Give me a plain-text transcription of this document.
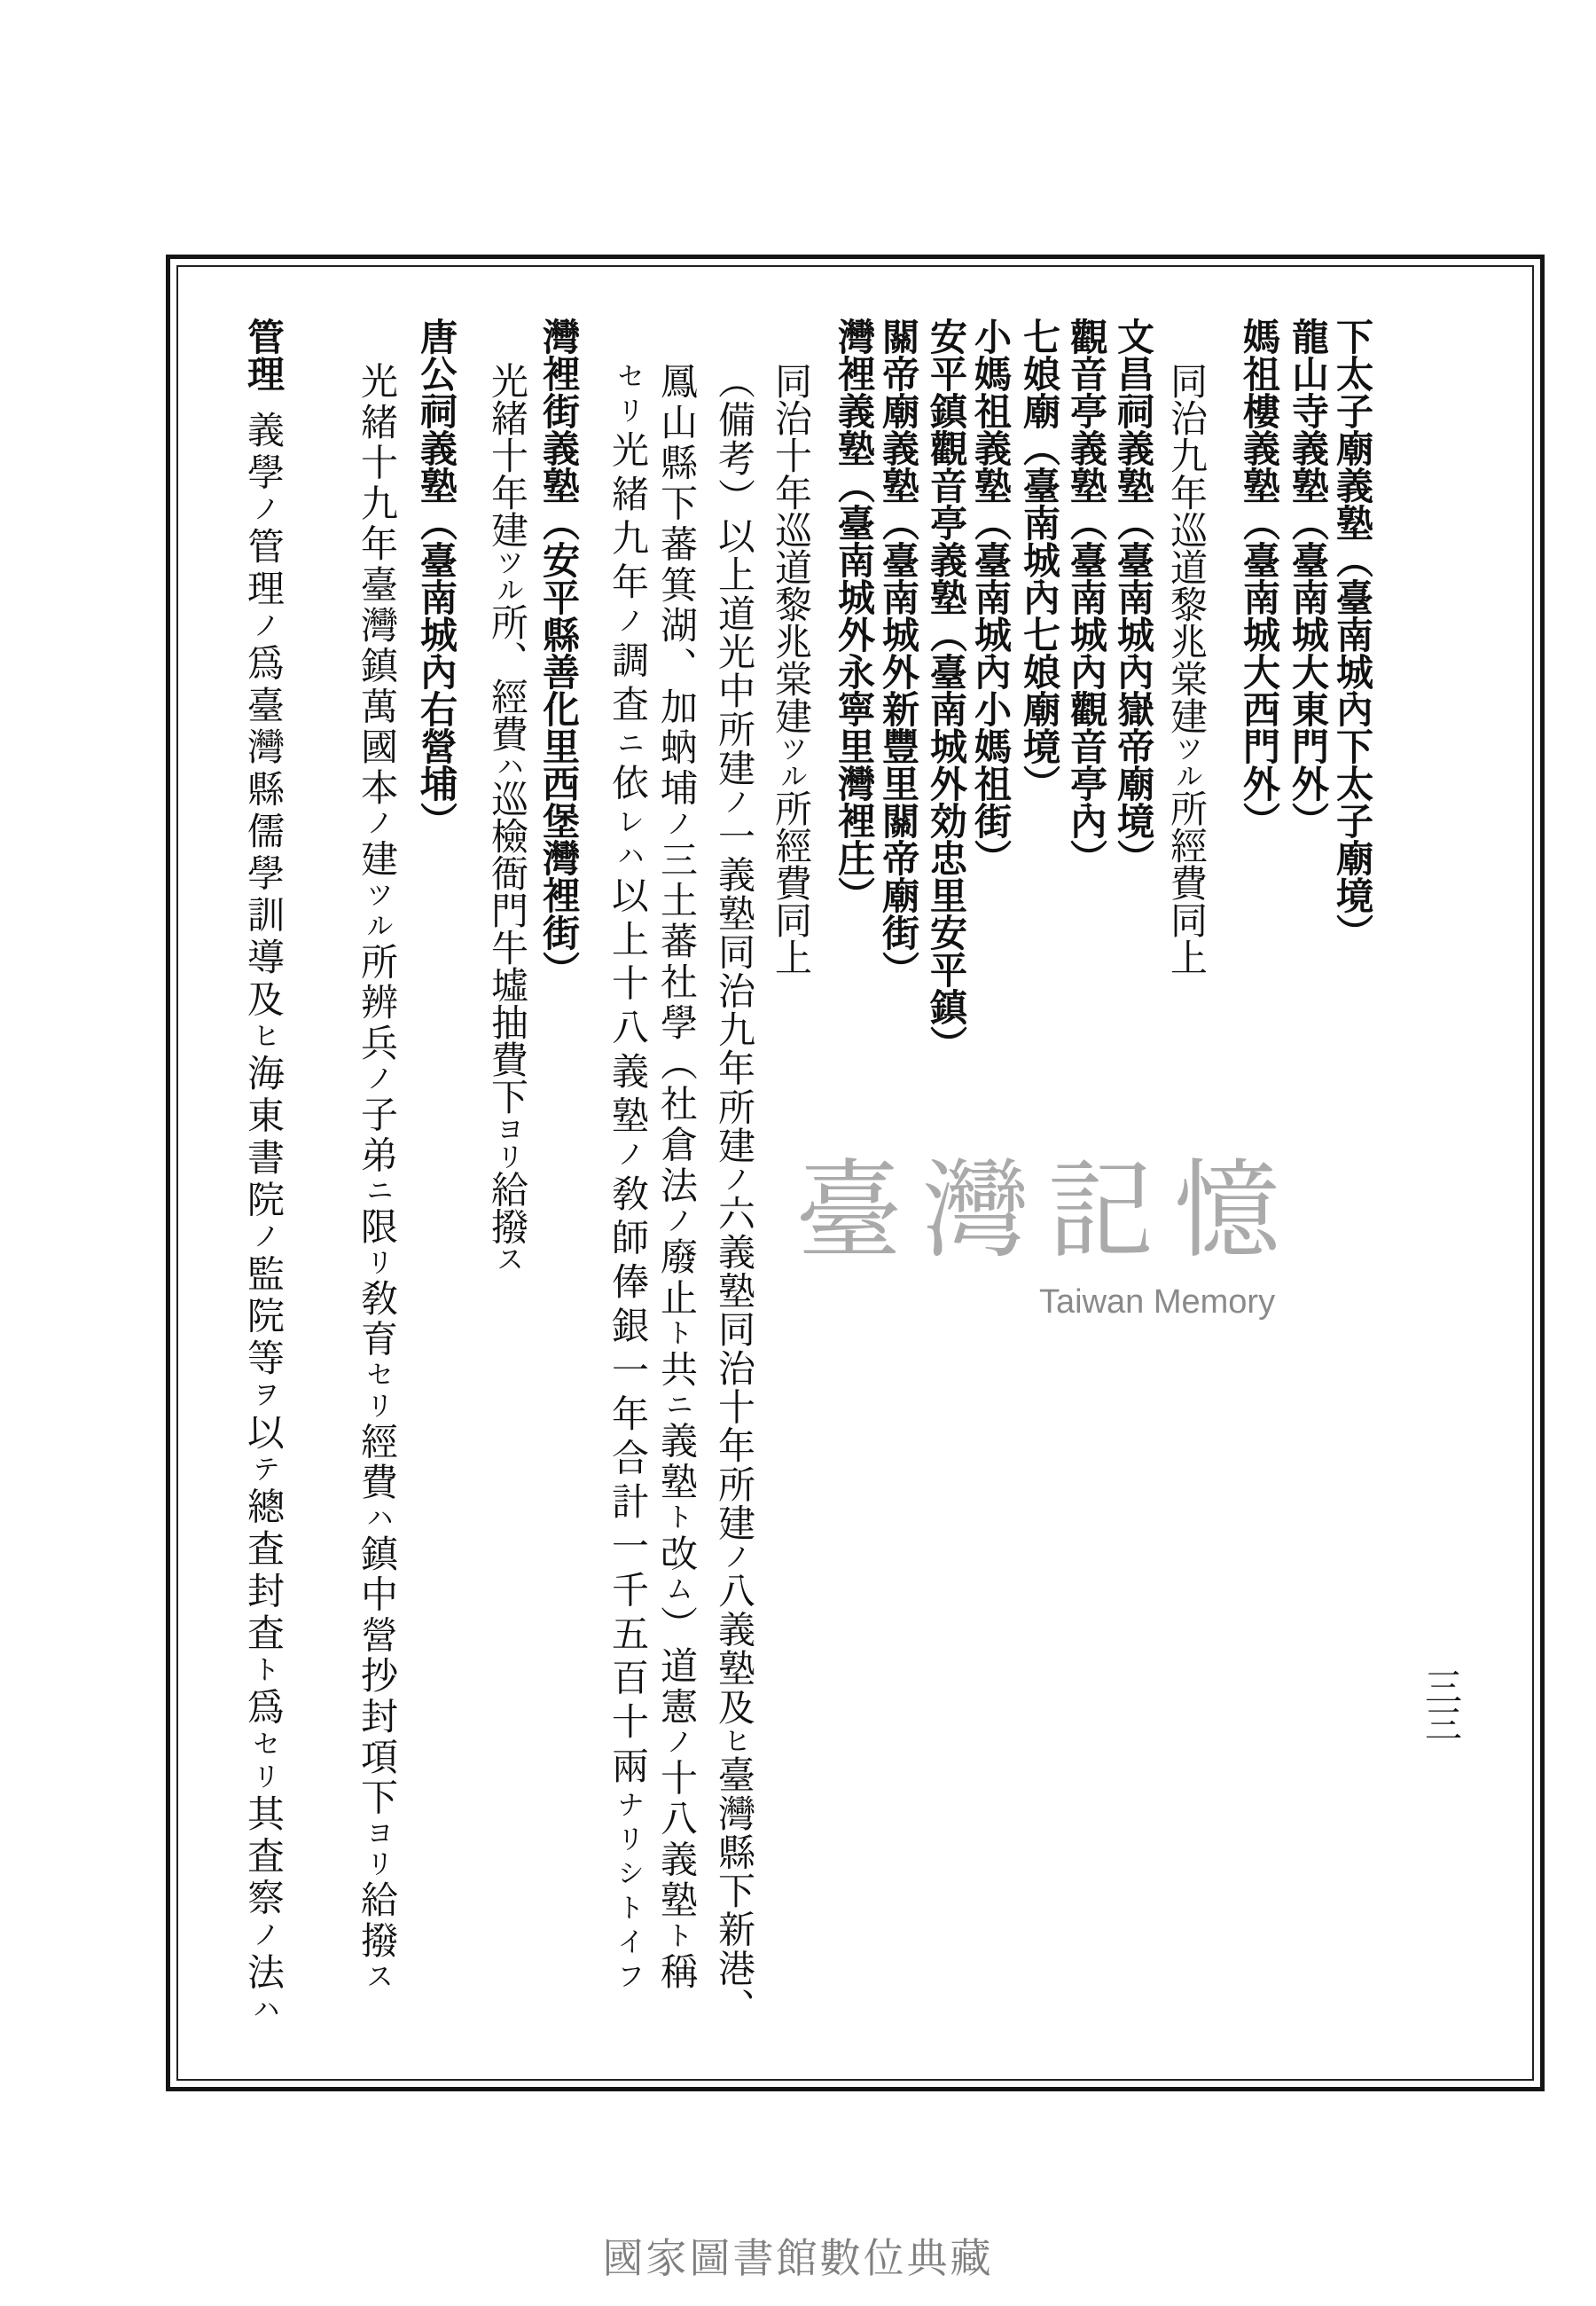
下太子廟義塾（臺南城內下太子廟境）
龍山寺義塾（臺南城大東門外）
媽祖樓義塾（臺南城大西門外）
同治九年巡道黎兆棠建ツル所經費同上
文昌祠義塾（臺南城內嶽帝廟境）
觀音亭義塾（臺南城內觀音亭內）
七娘廟（臺南城內七娘廟境）
小媽祖義塾（臺南城內小媽祖街）
安平鎮觀音亭義塾（臺南城外効忠里安平鎮）
關帝廟義塾（臺南城外新豐里關帝廟街）
灣裡義塾（臺南城外永寧里灣裡庄）
同治十年巡道黎兆棠建ツル所經費同上
（備考）以上道光中所建ノ一義塾同治九年所建ノ六義塾同治十年所建ノ八義塾及ヒ臺灣縣下新港、
鳳山縣下蕃箕湖、加蚋埔ノ三土蕃社學（社倉法ノ廢止ト共ニ義塾ト改ム）道憲ノ十八義塾ト稱
セリ光緒九年ノ調査ニ依レハ以上十八義塾ノ敎師俸銀一年合計一千五百十兩ナリシトイフ
灣裡街義塾（安平縣善化里西堡灣裡街）
光緒十年建ツル所、經費ハ巡檢衙門牛墟抽費下ヨリ給撥ス
唐公祠義塾（臺南城內右營埔）
光緒十九年臺灣鎮萬國本ノ建ツル所辨兵ノ子弟ニ限リ敎育セリ經費ハ鎮中營抄封項下ヨリ給撥ス
管理
義學ノ管理ノ爲臺灣縣儒學訓導及ヒ海東書院ノ監院等ヲ以テ總査封査ト爲セリ其査察ノ法ハ
三三
臺灣記憶
Taiwan Memory
國家圖書館數位典藏
